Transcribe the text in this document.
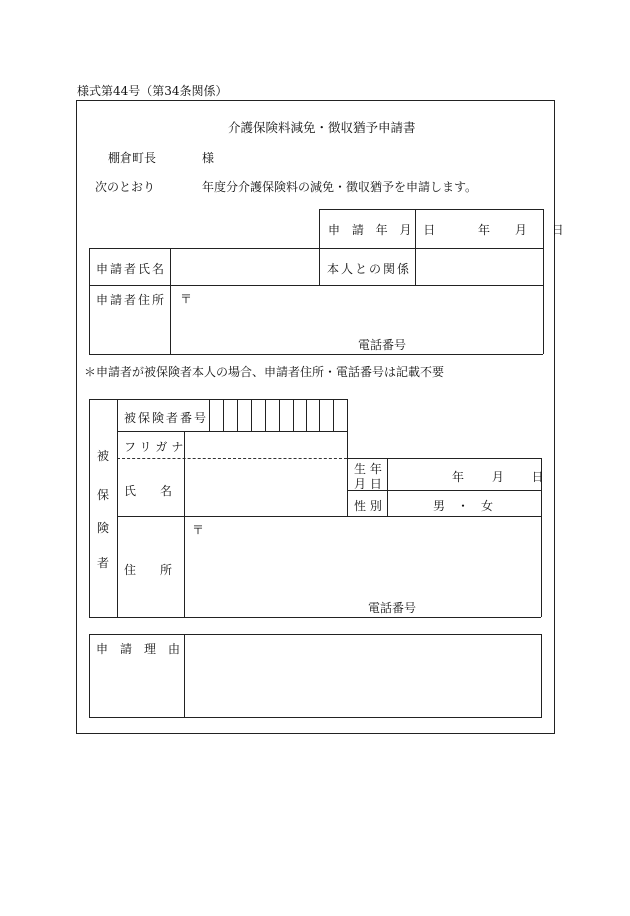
様式第44号（第34条関係）
介護保険料減免・徴収猶予申請書
棚倉町長	様
次のとおり	年度分介護保険料の減免・徴収猶予を申請します。
申 請 年 月 日	年　 月　 日
申請者氏名	本人との関係
申請者住所 〒
電話番号
＊申請者が被保険者本人の場合、申請者住所・電話番号は記載不要
被
保
険
者
被保険者番号
フリガナ
氏　　名
生 年
月 日	年　　 月　　 日
性 別	男　・　女
住　　所
〒
電話番号
申　請　理　由
